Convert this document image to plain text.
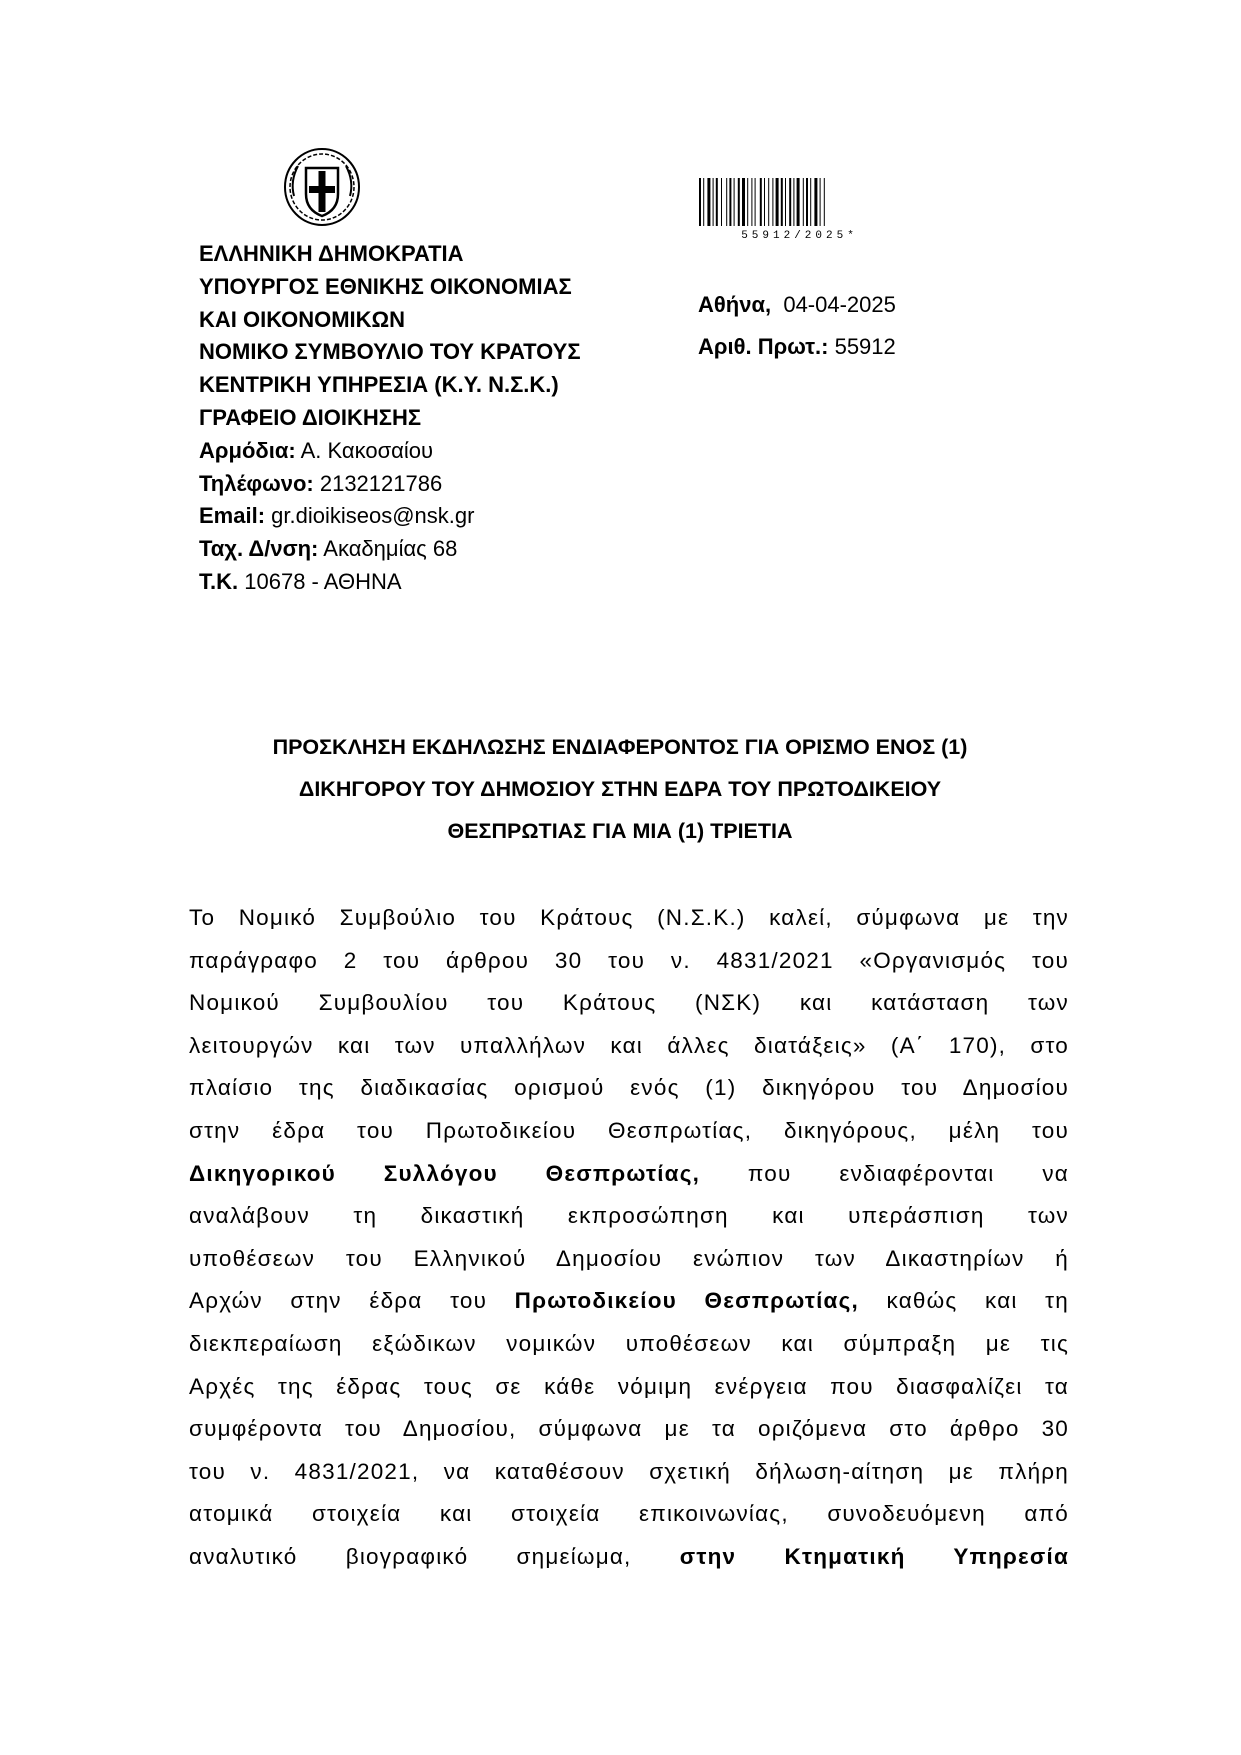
55912/2025*
ΕΛΛΗΝΙΚΗ ΔΗΜΟΚΡΑΤΙΑ
ΥΠΟΥΡΓΟΣ ΕΘΝΙΚΗΣ ΟΙΚΟΝΟΜΙΑΣ
ΚΑΙ ΟΙΚΟΝΟΜΙΚΩΝ
ΝΟΜΙΚΟ ΣΥΜΒΟΥΛΙΟ ΤΟΥ ΚΡΑΤΟΥΣ
ΚΕΝΤΡΙΚΗ ΥΠΗΡΕΣΙΑ (Κ.Υ. Ν.Σ.Κ.)
ΓΡΑΦΕΙΟ ΔΙΟΙΚΗΣΗΣ
Αρμόδια: Α. Κακοσαίου
Τηλέφωνο: 2132121786
Email: gr.dioikiseos@nsk.gr
Ταχ. Δ/νση: Ακαδημίας 68
Τ.Κ. 10678 - ΑΘΗΝΑ
Αθήνα, 04-04-2025
Αριθ. Πρωτ.: 55912
ΠΡΟΣΚΛΗΣΗ ΕΚΔΗΛΩΣΗΣ ΕΝΔΙΑΦΕΡΟΝΤΟΣ ΓΙΑ ΟΡΙΣΜΟ ΕΝΟΣ (1)
ΔΙΚΗΓΟΡΟΥ ΤΟΥ ΔΗΜΟΣΙΟΥ ΣΤΗΝ ΕΔΡΑ ΤΟΥ ΠΡΩΤΟΔΙΚΕΙΟΥ
ΘΕΣΠΡΩΤΙΑΣ ΓΙΑ ΜΙΑ (1) ΤΡΙΕΤΙΑ
Το Νομικό Συμβούλιο του Κράτους (Ν.Σ.Κ.) καλεί, σύμφωνα με την
παράγραφο 2 του άρθρου 30 του ν. 4831/2021 «Οργανισμός του
Νομικού Συμβουλίου του Κράτους (ΝΣΚ) και κατάσταση των
λειτουργών και των υπαλλήλων και άλλες διατάξεις» (Α΄ 170), στο
πλαίσιο της διαδικασίας ορισμού ενός (1) δικηγόρου του Δημοσίου
στην έδρα του Πρωτοδικείου Θεσπρωτίας, δικηγόρους, μέλη του
Δικηγορικού Συλλόγου Θεσπρωτίας, που ενδιαφέρονται να
αναλάβουν τη δικαστική εκπροσώπηση και υπεράσπιση των
υποθέσεων του Ελληνικού Δημοσίου ενώπιον των Δικαστηρίων ή
Αρχών στην έδρα του Πρωτοδικείου Θεσπρωτίας, καθώς και τη
διεκπεραίωση εξώδικων νομικών υποθέσεων και σύμπραξη με τις
Αρχές της έδρας τους σε κάθε νόμιμη ενέργεια που διασφαλίζει τα
συμφέροντα του Δημοσίου, σύμφωνα με τα οριζόμενα στο άρθρο 30
του ν. 4831/2021, να καταθέσουν σχετική δήλωση-αίτηση με πλήρη
ατομικά στοιχεία και στοιχεία επικοινωνίας, συνοδευόμενη από
αναλυτικό βιογραφικό σημείωμα, στην Κτηματική Υπηρεσία
